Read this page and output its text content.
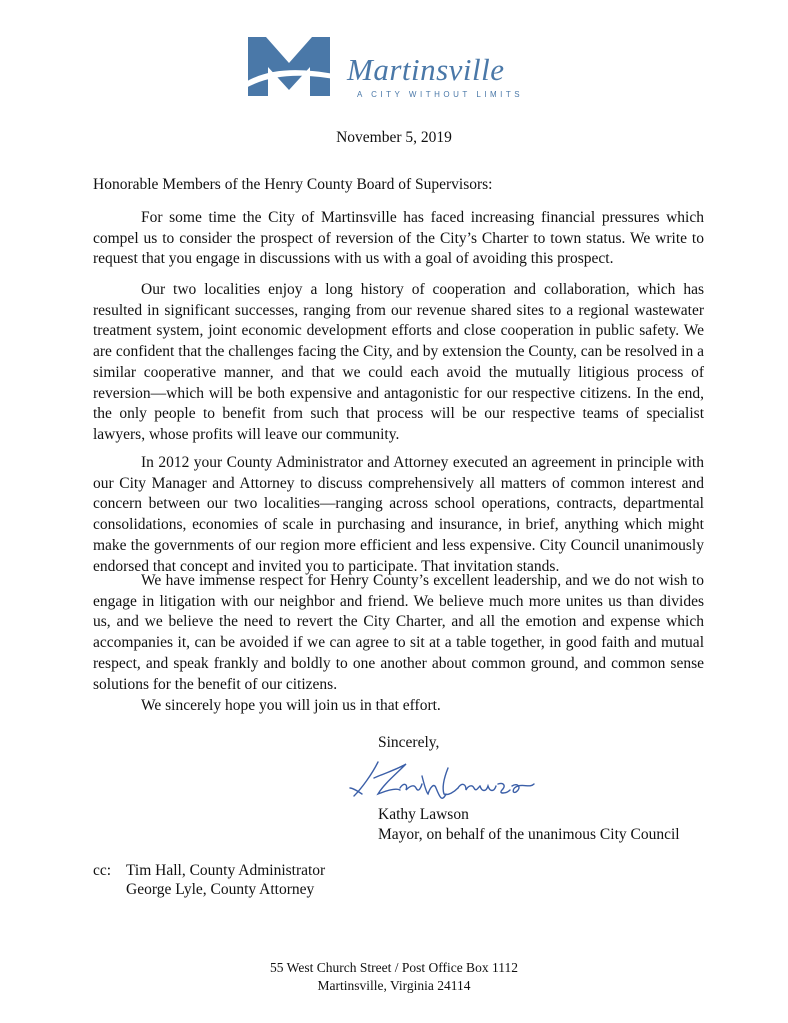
Martinsville
A CITY WITHOUT LIMITS
November 5, 2019
Honorable Members of the Henry County Board of Supervisors:

For some time the City of Martinsville has faced increasing financial pressures which compel us to consider the prospect of reversion of the City’s Charter to town status. We write to request that you engage in discussions with us with a goal of avoiding this prospect.

Our two localities enjoy a long history of cooperation and collaboration, which has resulted in significant successes, ranging from our revenue shared sites to a regional wastewater treatment system, joint economic development efforts and close cooperation in public safety. We are confident that the challenges facing the City, and by extension the County, can be resolved in a similar cooperative manner, and that we could each avoid the mutually litigious process of reversion—which will be both expensive and antagonistic for our respective citizens. In the end, the only people to benefit from such that process will be our respective teams of specialist lawyers, whose profits will leave our community.

In 2012 your County Administrator and Attorney executed an agreement in principle with our City Manager and Attorney to discuss comprehensively all matters of common interest and concern between our two localities—ranging across school operations, contracts, departmental consolidations, economies of scale in purchasing and insurance, in brief, anything which might make the governments of our region more efficient and less expensive. City Council unanimously endorsed that concept and invited you to participate. That invitation stands.

We have immense respect for Henry County’s excellent leadership, and we do not wish to engage in litigation with our neighbor and friend. We believe much more unites us than divides us, and we believe the need to revert the City Charter, and all the emotion and expense which accompanies it, can be avoided if we can agree to sit at a table together, in good faith and mutual respect, and speak frankly and boldly to one another about common ground, and common sense solutions for the benefit of our citizens.

We sincerely hope you will join us in that effort.

Sincerely,
Kathy Lawson
Mayor, on behalf of the unanimous City Council
cc: Tim Hall, County Administrator
George Lyle, County Attorney
55 West Church Street / Post Office Box 1112
Martinsville, Virginia 24114
